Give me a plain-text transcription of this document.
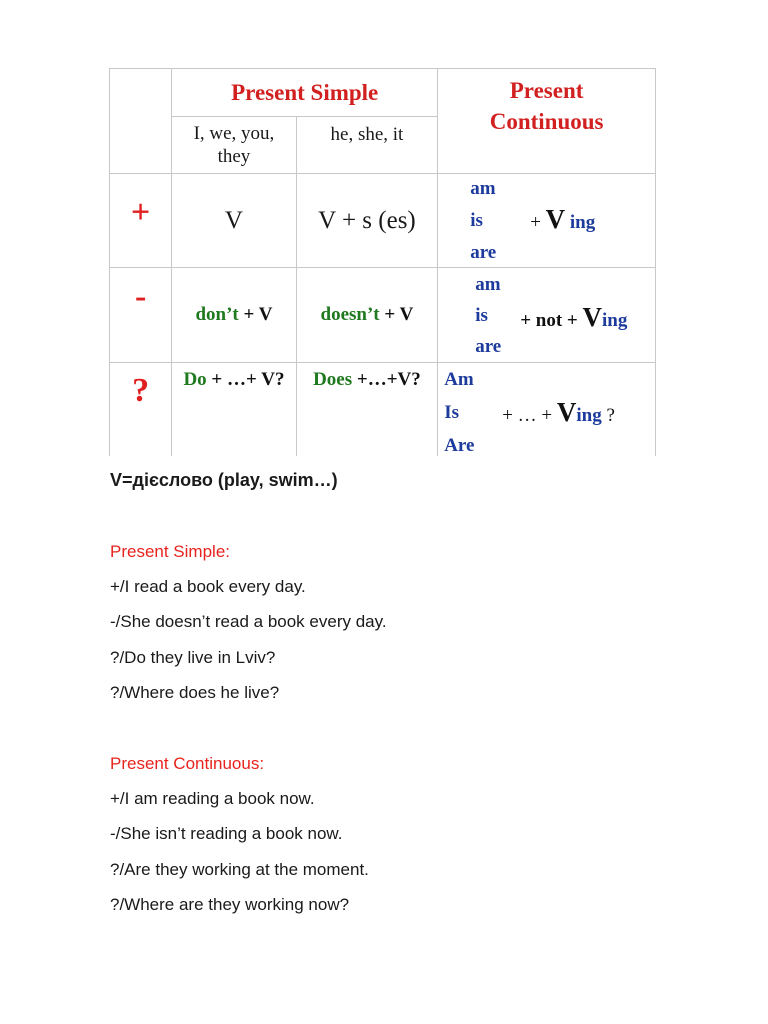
	Present Simple		Present
Continuous

	I, we, you,
they	he, she, it	
+	V	V + s (es)	am
is
are
+ V ing

-	don’t + V	doesn’t + V	am
is
are
+ not + Ving

?	Do + …+ V?	Does +…+V?	Am
Is
Are
+ … + Ving ?
V=дієслово (play, swim…)
Present Simple:
+/I read a book every day.
-/She doesn’t read a book every day.
?/Do they live in Lviv?
?/Where does he live?
Present Continuous:
+/I am reading a book now.
-/She isn’t reading a book now.
?/Are they working at the moment.
?/Where are they working now?
